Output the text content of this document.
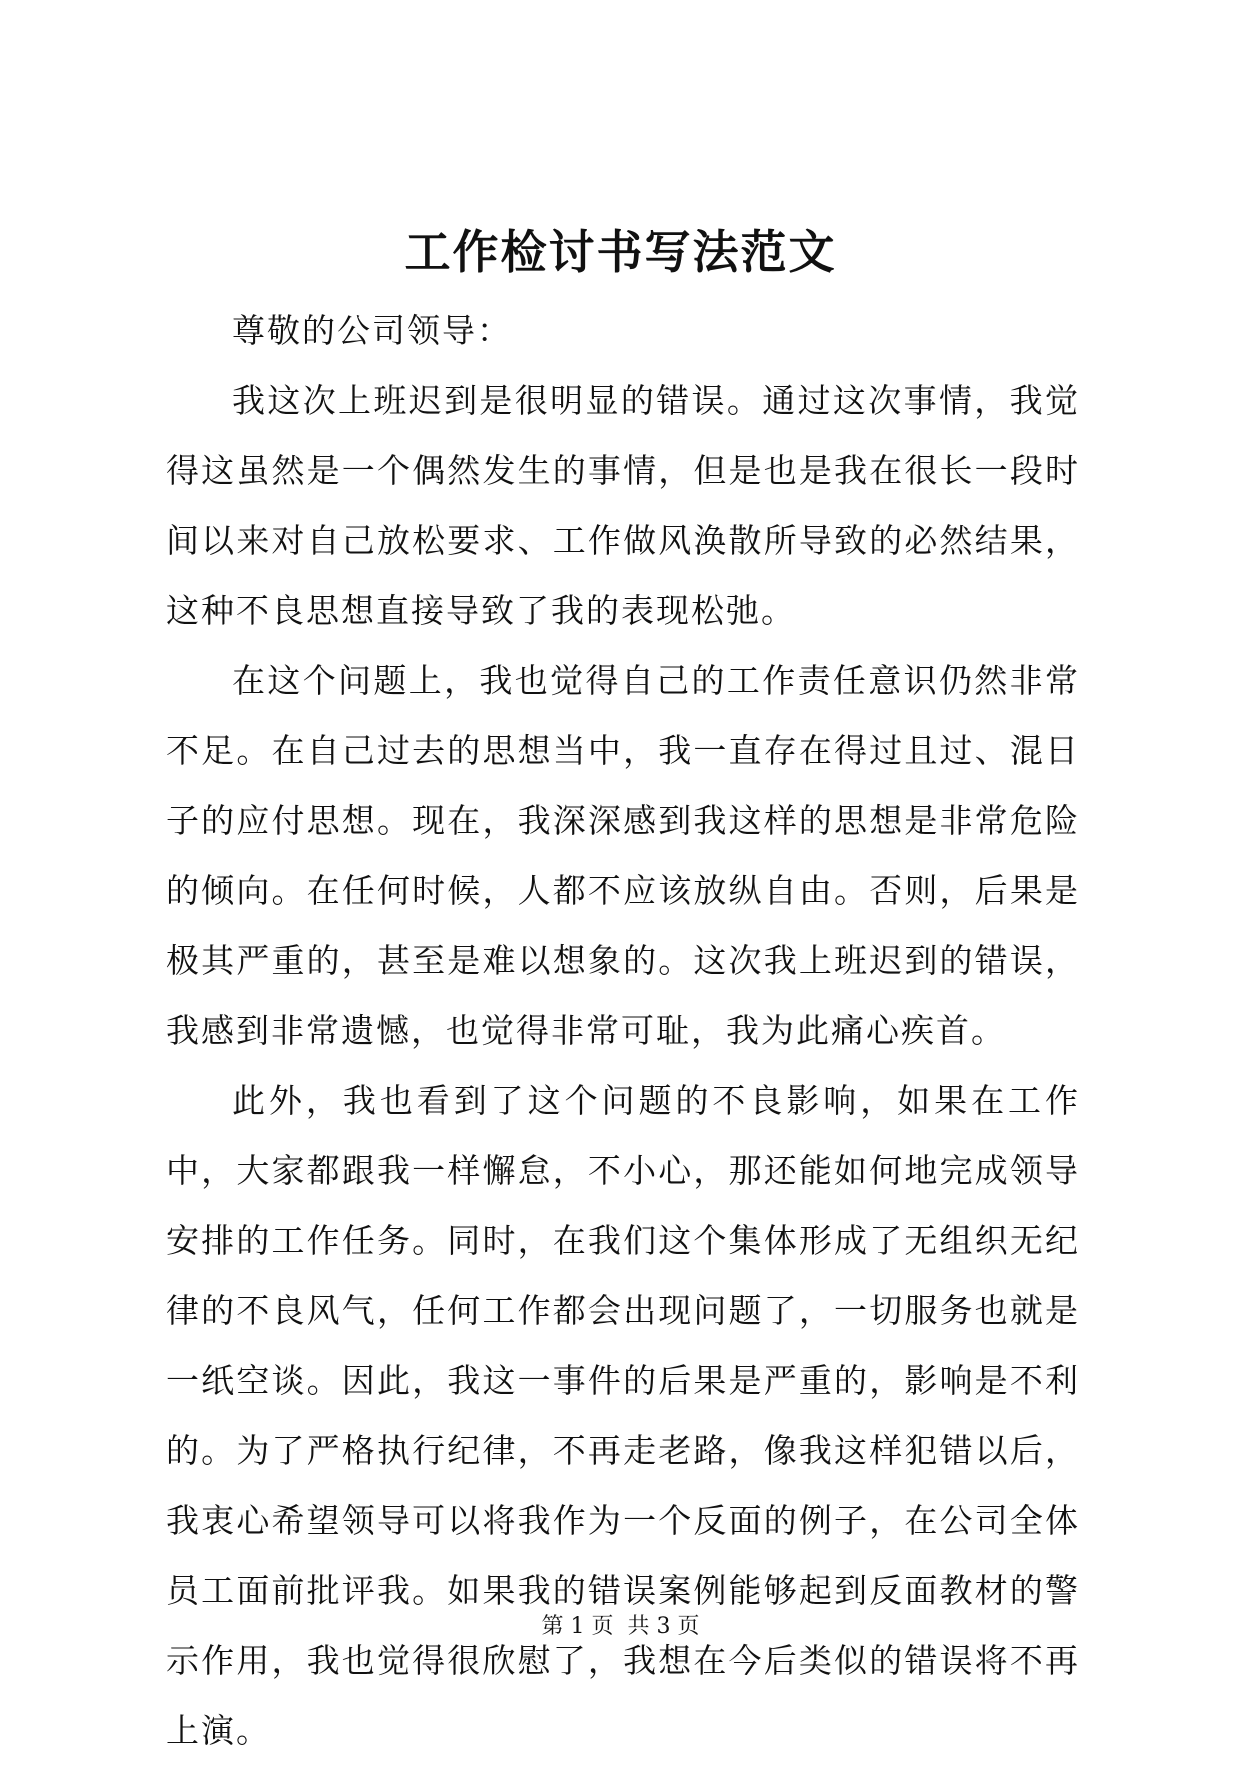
工作检讨书写法范文

尊敬的公司领导：

我这次上班迟到是很明显的错误。通过这次事情，我觉得这虽然是一个偶然发生的事情，但是也是我在很长一段时间以来对自己放松要求、工作做风涣散所导致的必然结果，这种不良思想直接导致了我的表现松弛。

在这个问题上，我也觉得自己的工作责任意识仍然非常不足。在自己过去的思想当中，我一直存在得过且过、混日子的应付思想。现在，我深深感到我这样的思想是非常危险的倾向。在任何时候，人都不应该放纵自由。否则，后果是极其严重的，甚至是难以想象的。这次我上班迟到的错误，我感到非常遗憾，也觉得非常可耻，我为此痛心疾首。

此外，我也看到了这个问题的不良影响，如果在工作中，大家都跟我一样懈怠，不小心，那还能如何地完成领导安排的工作任务。同时，在我们这个集体形成了无组织无纪律的不良风气，任何工作都会出现问题了，一切服务也就是一纸空谈。因此，我这一事件的后果是严重的，影响是不利的。为了严格执行纪律，不再走老路，像我这样犯错以后，我衷心希望领导可以将我作为一个反面的例子，在公司全体员工面前批评我。如果我的错误案例能够起到反面教材的警示作用，我也觉得很欣慰了，我想在今后类似的错误将不再上演。

第 1 页  共 3 页
